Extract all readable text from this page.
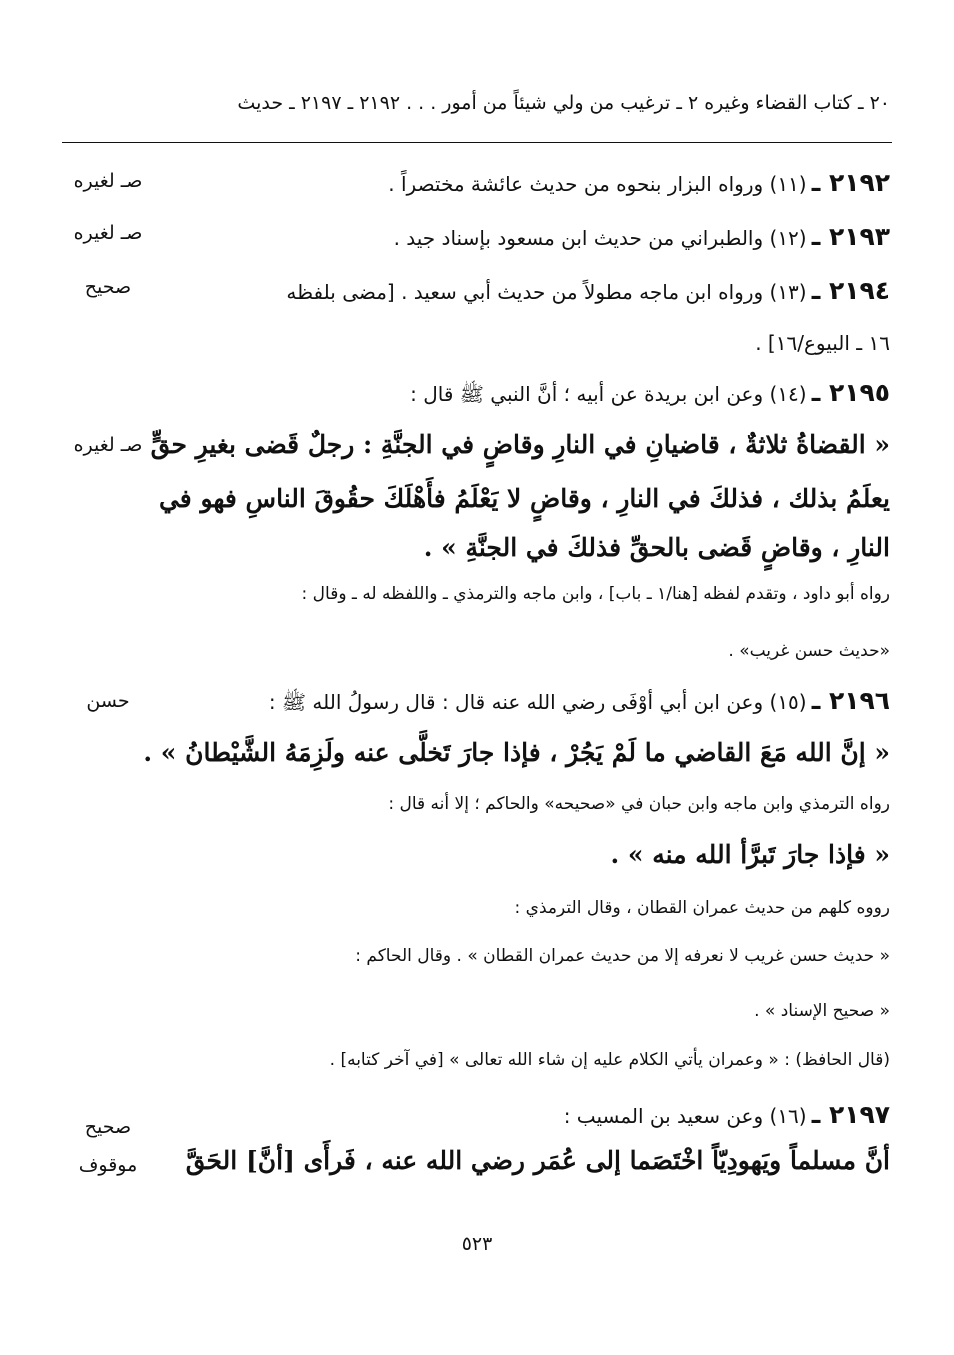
٢٠ ـ كتاب القضاء وغيره ٢ ـ ترغيب من ولي شيئاً من أمور . . . ٢١٩٢ ـ ٢١٩٧ ـ حديث
٢١٩٢ ـ (١١) ورواه البزار بنحوه من حديث عائشة مختصراً .
صـ لغيره
٢١٩٣ ـ (١٢) والطبراني من حديث ابن مسعود بإسناد جيد .
صـ لغيره
٢١٩٤ ـ (١٣) ورواه ابن ماجه مطولاً من حديث أبي سعيد . [مضى بلفظه
١٦ ـ البيوع/١٦] .
صحيح
٢١٩٥ ـ (١٤) وعن ابن بريدة عن أبيه ؛ أنَّ النبي ﷺ قال :
« القضاةُ ثلاثةٌ ، قاضيانِ في النارِ وقاضٍ في الجنَّةِ : رجلٌ قَضى بغيرِ حقٍّ
يعلَمُ بذلك ، فذلكَ في النارِ ، وقاضٍ لا يَعْلَمُ فأَهْلَكَ حقُوقَ الناسِ فهو في
النارِ ، وقاضٍ قَضى بالحقِّ فذلكَ في الجنَّةِ » .
رواه أبو داود ، وتقدم لفظه [هنا/١ ـ باب] ، وابن ماجه والترمذي ـ واللفظه له ـ وقال :
«حديث حسن غريب» .
صـ لغيره
٢١٩٦ ـ (١٥) وعن ابن أبي أوْفَى رضي الله عنه قال : قال رسولُ الله ﷺ :
« إنَّ الله مَعَ القاضي ما لَمْ يَجُرْ ، فإذا جارَ تَخلَّى عنه ولَزِمَهُ الشَّيْطانُ » .
رواه الترمذي وابن ماجه وابن حبان في «صحيحه» والحاكم ؛ إلا أنه قال :
« فإذا جارَ تَبرَّأ الله منه » .
رووه كلهم من حديث عمران القطان ، وقال الترمذي :
« حديث حسن غريب لا نعرفه إلا من حديث عمران القطان » . وقال الحاكم :
« صحيح الإسناد » .
(قال الحافظ) : « وعمران يأتي الكلام عليه إن شاء الله تعالى » [في آخر كتابه] .
حسن
٢١٩٧ ـ (١٦) وعن سعيد بن المسيب :
أنَّ مسلماً ويَهودِيّاً اخْتَصَما إلى عُمَر رضي الله عنه ، فَرأَى [أنَّ] الحَقَّ
صحيح
موقوف
٥٢٣
